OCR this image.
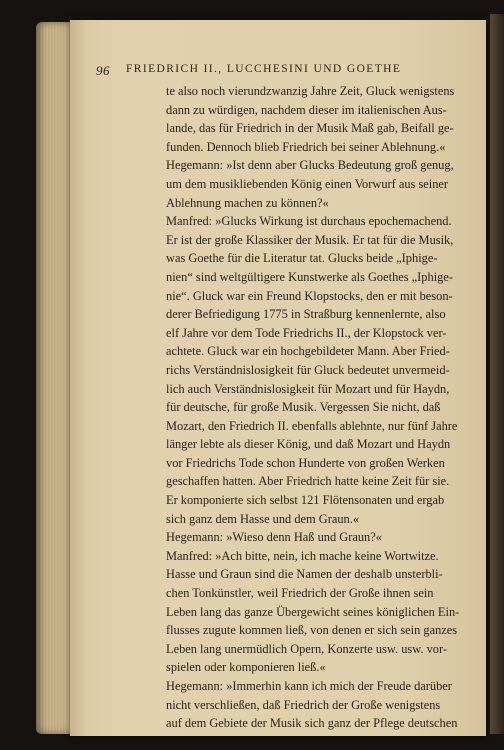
96 FRIEDRICH II., LUCCHESINI UND GOETHE
te also noch vierundzwanzig Jahre Zeit, Gluck wenigstens
dann zu würdigen, nachdem dieser im italienischen Aus-
lande, das für Friedrich in der Musik Maß gab, Beifall ge-
funden. Dennoch blieb Friedrich bei seiner Ablehnung.«
Hegemann: »Ist denn aber Glucks Bedeutung groß genug,
um dem musikliebenden König einen Vorwurf aus seiner
Ablehnung machen zu können?«
Manfred: »Glucks Wirkung ist durchaus epochemachend.
Er ist der große Klassiker der Musik. Er tat für die Musik,
was Goethe für die Literatur tat. Glucks beide „Iphige-
nien“ sind weltgültigere Kunstwerke als Goethes „Iphige-
nie“. Gluck war ein Freund Klopstocks, den er mit beson-
derer Befriedigung 1775 in Straßburg kennenlernte, also
elf Jahre vor dem Tode Friedrichs II., der Klopstock ver-
achtete. Gluck war ein hochgebildeter Mann. Aber Fried-
richs Verständnislosigkeit für Gluck bedeutet unvermeid-
lich auch Verständnislosigkeit für Mozart und für Haydn,
für deutsche, für große Musik. Vergessen Sie nicht, daß
Mozart, den Friedrich II. ebenfalls ablehnte, nur fünf Jahre
länger lebte als dieser König, und daß Mozart und Haydn
vor Friedrichs Tode schon Hunderte von großen Werken
geschaffen hatten. Aber Friedrich hatte keine Zeit für sie.
Er komponierte sich selbst 121 Flötensonaten und ergab
sich ganz dem Hasse und dem Graun.«
Hegemann: »Wieso denn Haß und Graun?«
Manfred: »Ach bitte, nein, ich mache keine Wortwitze.
Hasse und Graun sind die Namen der deshalb unsterbli-
chen Tonkünstler, weil Friedrich der Große ihnen sein
Leben lang das ganze Übergewicht seines königlichen Ein-
flusses zugute kommen ließ, von denen er sich sein ganzes
Leben lang unermüdlich Opern, Konzerte usw. usw. vor-
spielen oder komponieren ließ.«
Hegemann: »Immerhin kann ich mich der Freude darüber
nicht verschließen, daß Friedrich der Große wenigstens
auf dem Gebiete der Musik sich ganz der Pflege deutschen
